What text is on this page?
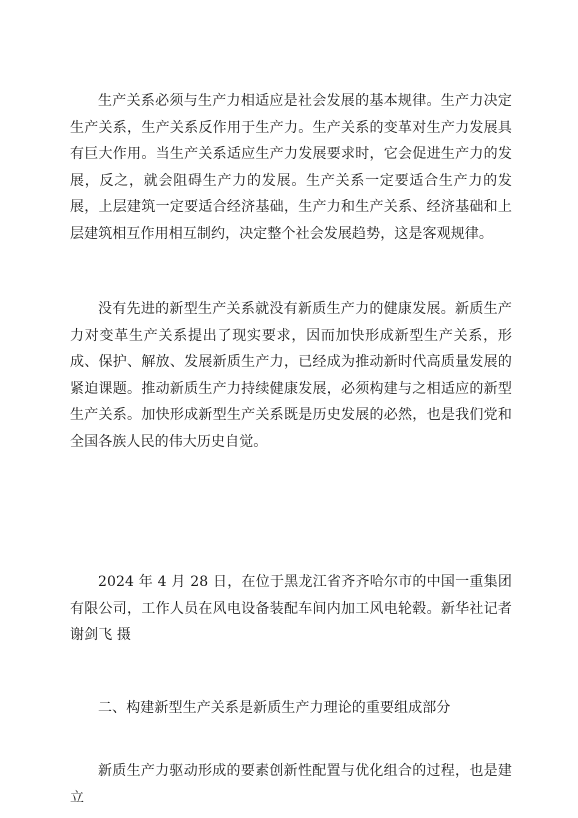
生产关系必须与生产力相适应是社会发展的基本规律。生产力决定生产关系，生产关系反作用于生产力。生产关系的变革对生产力发展具有巨大作用。当生产关系适应生产力发展要求时，它会促进生产力的发展，反之，就会阻碍生产力的发展。生产关系一定要适合生产力的发展，上层建筑一定要适合经济基础，生产力和生产关系、经济基础和上层建筑相互作用相互制约，决定整个社会发展趋势，这是客观规律。

没有先进的新型生产关系就没有新质生产力的健康发展。新质生产力对变革生产关系提出了现实要求，因而加快形成新型生产关系，形成、保护、解放、发展新质生产力，已经成为推动新时代高质量发展的紧迫课题。推动新质生产力持续健康发展，必须构建与之相适应的新型生产关系。加快形成新型生产关系既是历史发展的必然，也是我们党和全国各族人民的伟大历史自觉。

2024 年 4 月 28 日，在位于黑龙江省齐齐哈尔市的中国一重集团有限公司，工作人员在风电设备装配车间内加工风电轮毂。新华社记者 谢剑飞 摄

二、构建新型生产关系是新质生产力理论的重要组成部分

新质生产力驱动形成的要素创新性配置与优化组合的过程，也是建立
